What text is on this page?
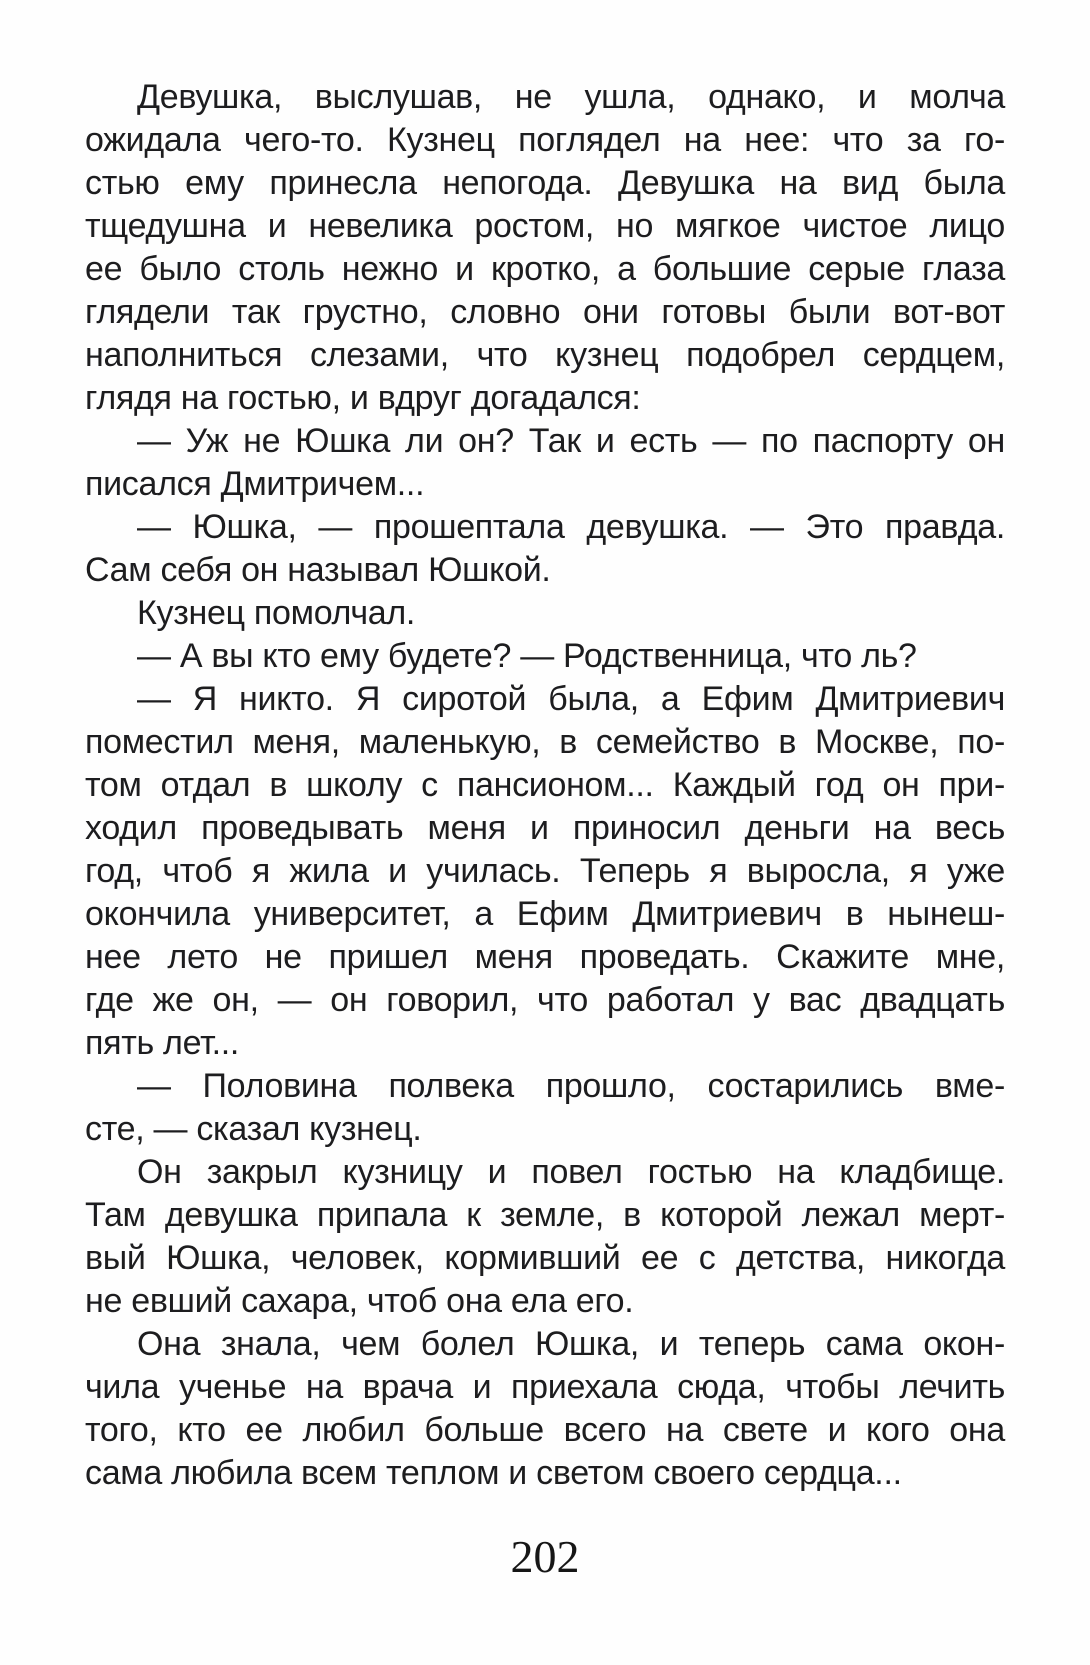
Девушка, выслушав, не ушла, однако, и молча
ожидала чего-то. Кузнец поглядел на нее: что за го-
стью ему принесла непогода. Девушка на вид была
тщедушна и невелика ростом, но мягкое чистое лицо
ее было столь нежно и кротко, а большие серые глаза
глядели так грустно, словно они готовы были вот-вот
наполниться слезами, что кузнец подобрел сердцем,
глядя на гостью, и вдруг догадался:
— Уж не Юшка ли он? Так и есть — по паспорту он
писался Дмитричем...
— Юшка, — прошептала девушка. — Это правда.
Сам себя он называл Юшкой.
Кузнец помолчал.
— А вы кто ему будете? — Родственница, что ль?
— Я никто. Я сиротой была, а Ефим Дмитриевич
поместил меня, маленькую, в семейство в Москве, по-
том отдал в школу с пансионом... Каждый год он при-
ходил проведывать меня и приносил деньги на весь
год, чтоб я жила и училась. Теперь я выросла, я уже
окончила университет, а Ефим Дмитриевич в нынеш-
нее лето не пришел меня проведать. Скажите мне,
где же он, — он говорил, что работал у вас двадцать
пять лет...
— Половина полвека прошло, состарились вме-
сте, — сказал кузнец.
Он закрыл кузницу и повел гостью на кладбище.
Там девушка припала к земле, в которой лежал мерт-
вый Юшка, человек, кормивший ее с детства, никогда
не евший сахара, чтоб она ела его.
Она знала, чем болел Юшка, и теперь сама окон-
чила ученье на врача и приехала сюда, чтобы лечить
того, кто ее любил больше всего на свете и кого она
сама любила всем теплом и светом своего сердца...
202
